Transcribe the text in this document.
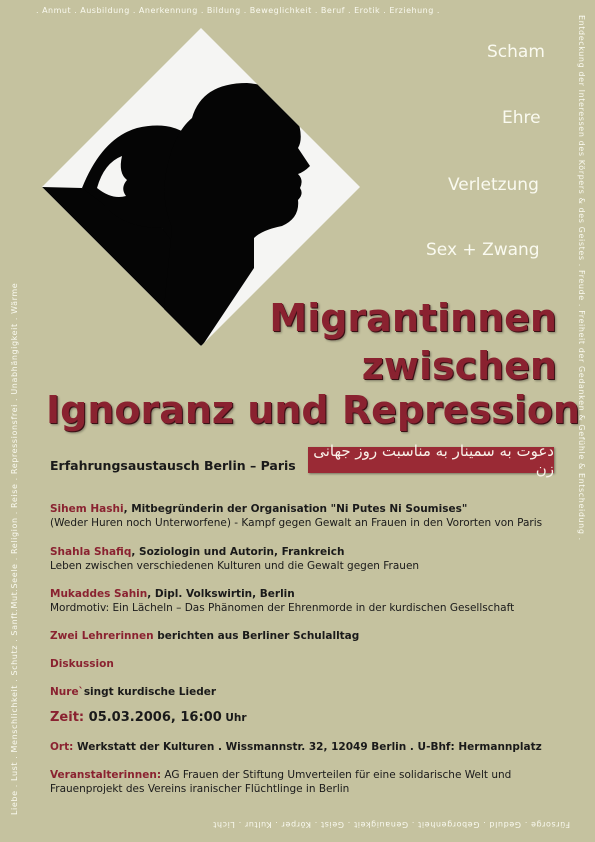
. Anmut . Ausbildung . Anerkennung . Bildung . Beweglichkeit . Beruf . Erotik . Erziehung .
Entdeckung der Interessen des Körpers & des Geistes . Freude . Freiheit der Gedanken & Gefühle & Entscheidung .
Fürsorge . Geduld . Geborgenheit . Genauigkeit . Geist . Körper . Kultur . Licht
Liebe . Lust . Menschlichkeit . Schutz . Sanft.Mut.Seele . Religion . Reise . Repressionsfrei . Unabhängigkeit . Wärme
Scham
Ehre
Verletzung
Sex + Zwang
Migrantinnen
zwischen
Ignoranz und Repression
Erfahrungsaustausch Berlin – Paris
دعوت به سمینار به مناسبت روز جهانی زن
Sihem Hashi, Mitbegründerin der Organisation "Ni Putes Ni Soumises"
(Weder Huren noch Unterworfene) - Kampf gegen Gewalt an Frauen in den Vororten von Paris
Shahla Shafiq, Soziologin und Autorin, Frankreich
Leben zwischen verschiedenen Kulturen und die Gewalt gegen Frauen
Mukaddes Sahin, Dipl. Volkswirtin, Berlin
Mordmotiv: Ein Lächeln – Das Phänomen der Ehrenmorde in der kurdischen Gesellschaft
Zwei Lehrerinnen berichten aus Berliner Schulalltag
Diskussion
Nure`singt kurdische Lieder
Zeit: 05.03.2006, 16:00 Uhr
Ort: Werkstatt der Kulturen . Wissmannstr. 32, 12049 Berlin . U-Bhf: Hermannplatz
Veranstalterinnen: AG Frauen der Stiftung Umverteilen für eine solidarische Welt und
Frauenprojekt des Vereins iranischer Flüchtlinge in Berlin
